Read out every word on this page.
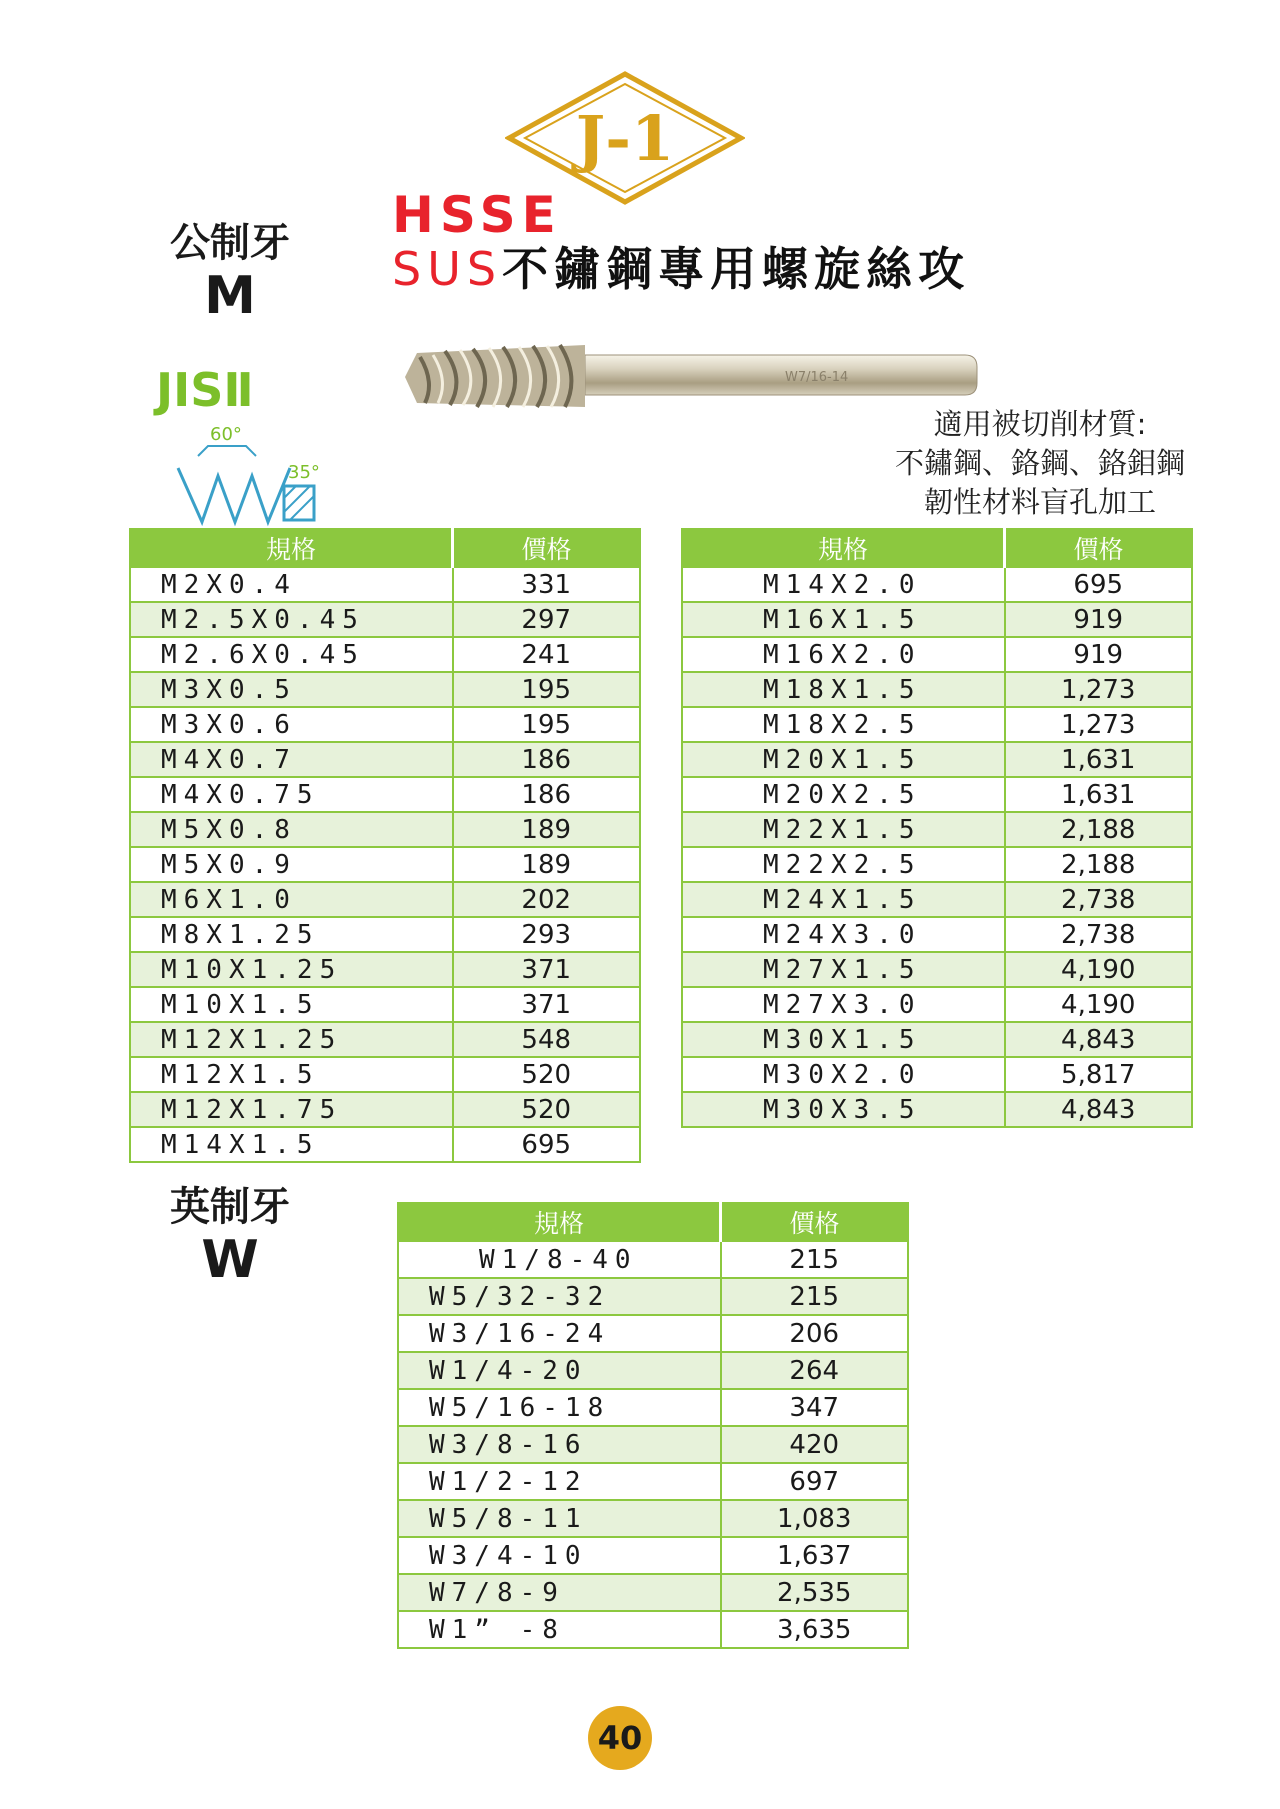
J-1
公制牙
M
HSSE
SUS不鏽鋼專用螺旋絲攻
W7/16-14
適用被切削材質:
不鏽鋼、鉻鋼、鉻鉬鋼
韌性材料盲孔加工
JISⅡ
60°
35°
規格	價格
M2X0.4	331
M2.5X0.45	297
M2.6X0.45	241
M3X0.5	195
M3X0.6	195
M4X0.7	186
M4X0.75	186
M5X0.8	189
M5X0.9	189
M6X1.0	202
M8X1.25	293
M10X1.25	371
M10X1.5	371
M12X1.25	548
M12X1.5	520
M12X1.75	520
M14X1.5	695
規格	價格
M14X2.0	695
M16X1.5	919
M16X2.0	919
M18X1.5	1,273
M18X2.5	1,273
M20X1.5	1,631
M20X2.5	1,631
M22X1.5	2,188
M22X2.5	2,188
M24X1.5	2,738
M24X3.0	2,738
M27X1.5	4,190
M27X3.0	4,190
M30X1.5	4,843
M30X2.0	5,817
M30X3.5	4,843
英制牙
W
規格	價格
W1/8-40	215
W5/32-32	215
W3/16-24	206
W1/4-20	264
W5/16-18	347
W3/8-16	420
W1/2-12	697
W5/8-11	1,083
W3/4-10	1,637
W7/8-9	2,535
W1” -8	3,635
40
